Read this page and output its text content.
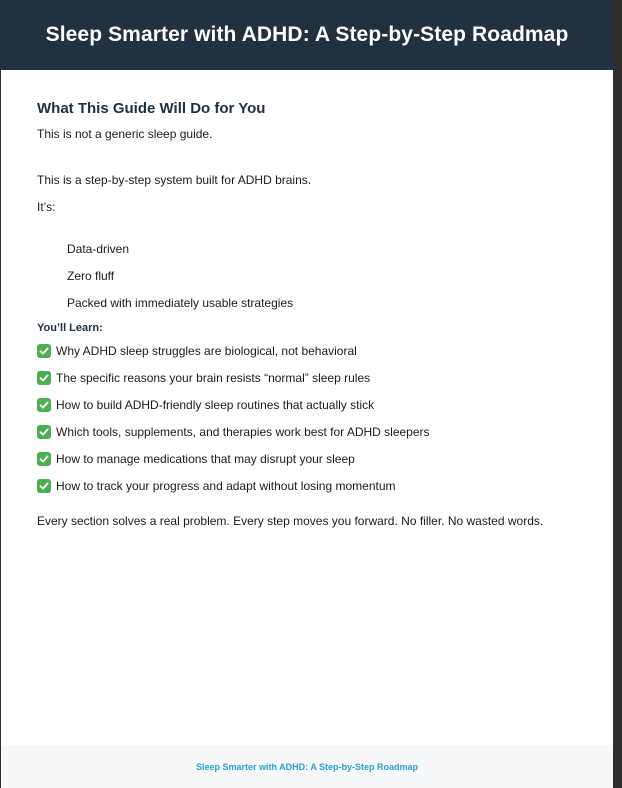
Sleep Smarter with ADHD: A Step-by-Step Roadmap
What This Guide Will Do for You

This is not a generic sleep guide.

This is a step-by-step system built for ADHD brains.

It’s:

Data-driven
Zero fluff
Packed with immediately usable strategies
You’ll Learn:
Why ADHD sleep struggles are biological, not behavioral
The specific reasons your brain resists “normal” sleep rules
How to build ADHD-friendly sleep routines that actually stick
Which tools, supplements, and therapies work best for ADHD sleepers
How to manage medications that may disrupt your sleep
How to track your progress and adapt without losing momentum

Every section solves a real problem. Every step moves you forward. No filler. No wasted words.

Sleep Smarter with ADHD: A Step-by-Step Roadmap
